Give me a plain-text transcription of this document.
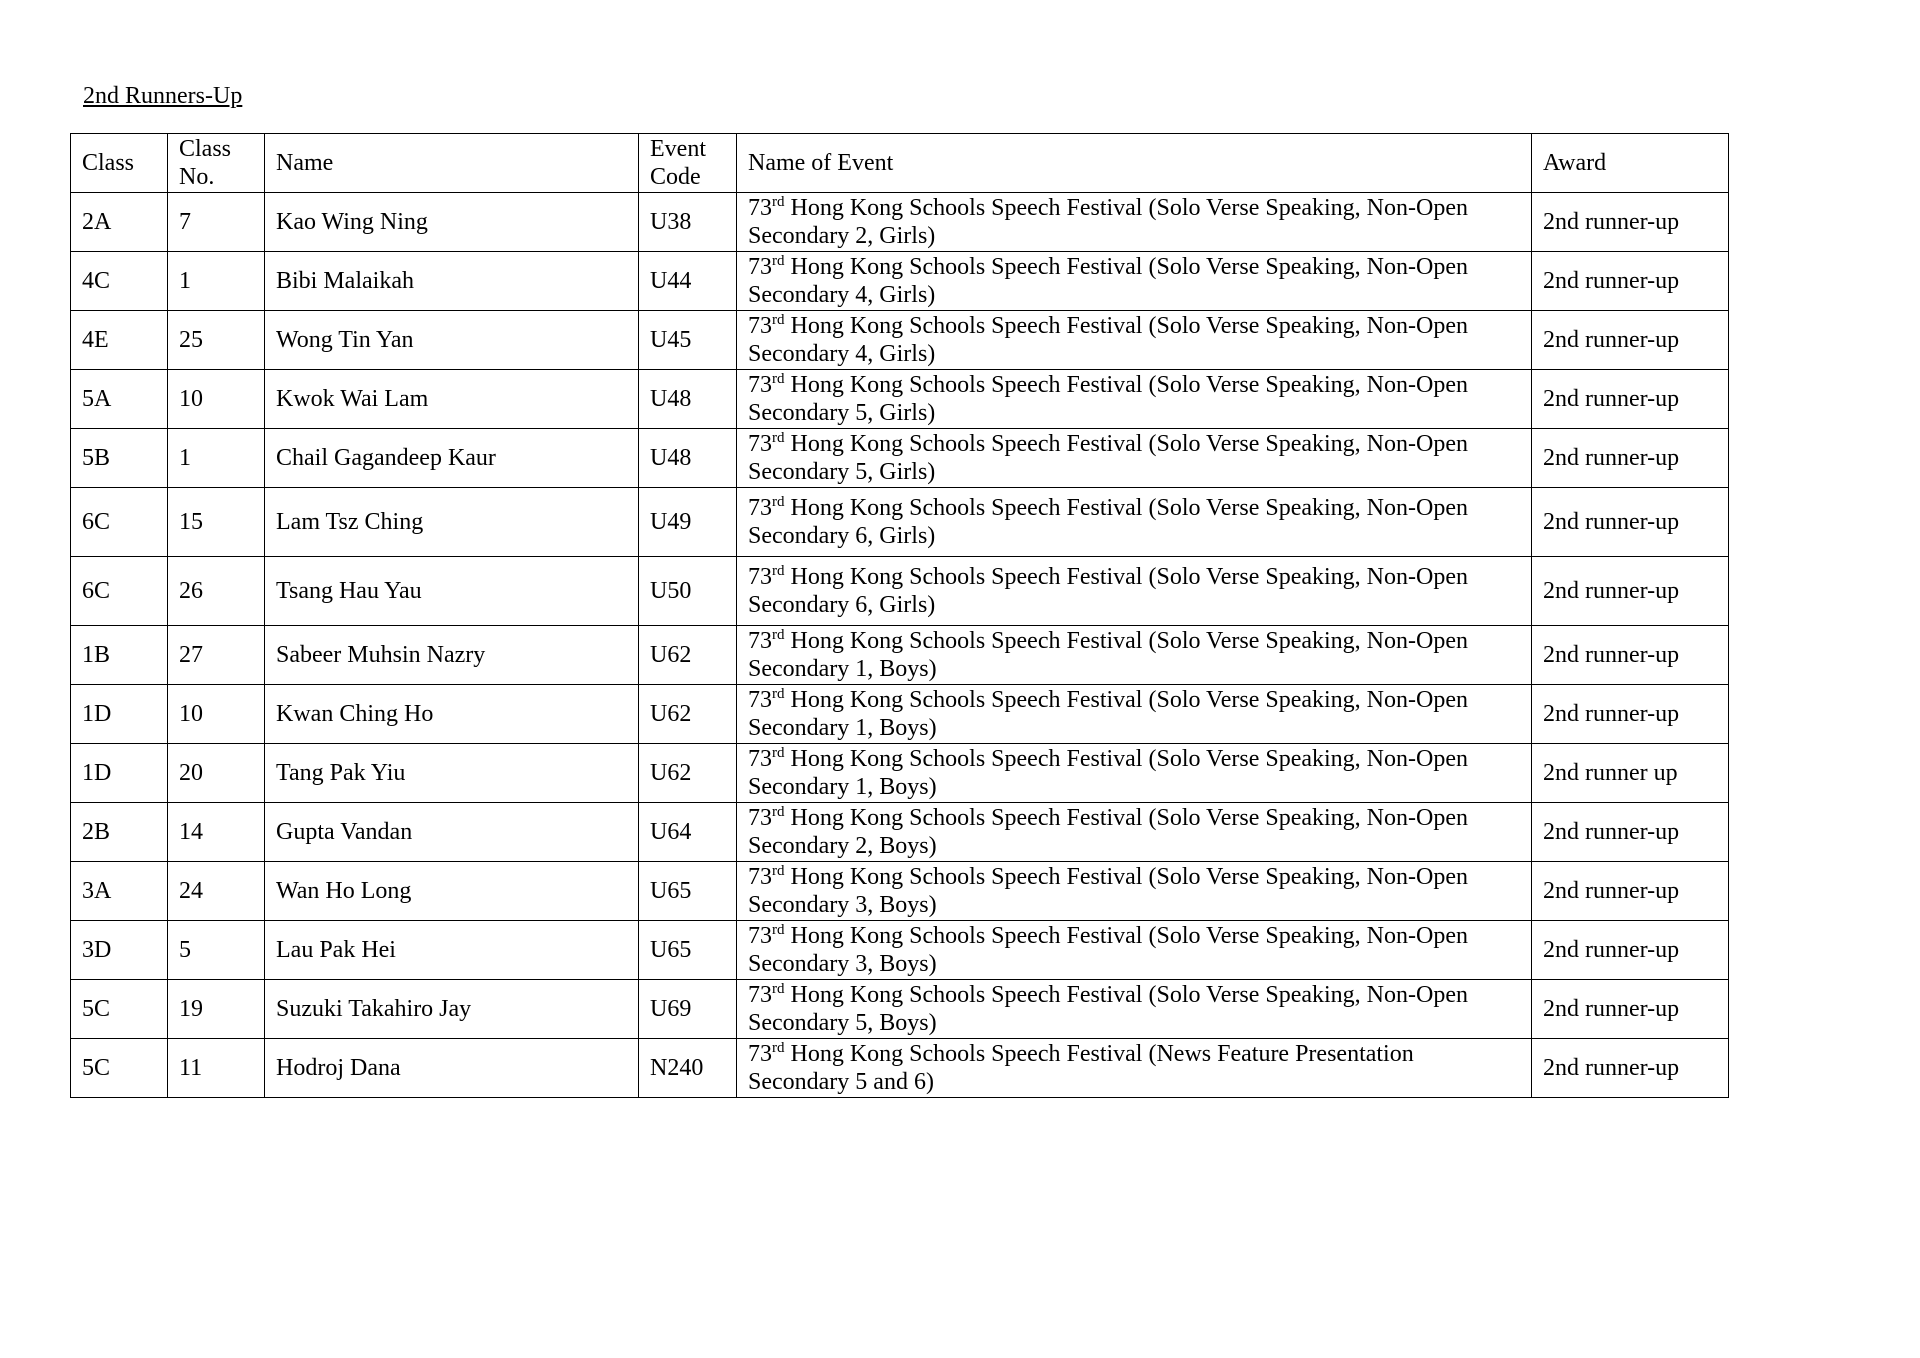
2nd Runners-Up
Class	Class No.	Name	Event Code	Name of Event	Award
2A	7	Kao Wing Ning	U38	73rd Hong Kong Schools Speech Festival (Solo Verse Speaking, Non-Open Secondary 2, Girls)	2nd runner-up
4C	1	Bibi Malaikah	U44	73rd Hong Kong Schools Speech Festival (Solo Verse Speaking, Non-Open Secondary 4, Girls)	2nd runner-up
4E	25	Wong Tin Yan	U45	73rd Hong Kong Schools Speech Festival (Solo Verse Speaking, Non-Open Secondary 4, Girls)	2nd runner-up
5A	10	Kwok Wai Lam	U48	73rd Hong Kong Schools Speech Festival (Solo Verse Speaking, Non-Open Secondary 5, Girls)	2nd runner-up
5B	1	Chail Gagandeep Kaur	U48	73rd Hong Kong Schools Speech Festival (Solo Verse Speaking, Non-Open Secondary 5, Girls)	2nd runner-up
6C	15	Lam Tsz Ching	U49	73rd Hong Kong Schools Speech Festival (Solo Verse Speaking, Non-Open Secondary 6, Girls)	2nd runner-up
6C	26	Tsang Hau Yau	U50	73rd Hong Kong Schools Speech Festival (Solo Verse Speaking, Non-Open Secondary 6, Girls)	2nd runner-up
1B	27	Sabeer Muhsin Nazry	U62	73rd Hong Kong Schools Speech Festival (Solo Verse Speaking, Non-Open Secondary 1, Boys)	2nd runner-up
1D	10	Kwan Ching Ho	U62	73rd Hong Kong Schools Speech Festival (Solo Verse Speaking, Non-Open Secondary 1, Boys)	2nd runner-up
1D	20	Tang Pak Yiu	U62	73rd Hong Kong Schools Speech Festival (Solo Verse Speaking, Non-Open Secondary 1, Boys)	2nd runner up
2B	14	Gupta Vandan	U64	73rd Hong Kong Schools Speech Festival (Solo Verse Speaking, Non-Open Secondary 2, Boys)	2nd runner-up
3A	24	Wan Ho Long	U65	73rd Hong Kong Schools Speech Festival (Solo Verse Speaking, Non-Open Secondary 3, Boys)	2nd runner-up
3D	5	Lau Pak Hei	U65	73rd Hong Kong Schools Speech Festival (Solo Verse Speaking, Non-Open Secondary 3, Boys)	2nd runner-up
5C	19	Suzuki Takahiro Jay	U69	73rd Hong Kong Schools Speech Festival (Solo Verse Speaking, Non-Open Secondary 5, Boys)	2nd runner-up
5C	11	Hodroj Dana	N240	73rd Hong Kong Schools Speech Festival (News Feature Presentation Secondary 5 and 6)	2nd runner-up
